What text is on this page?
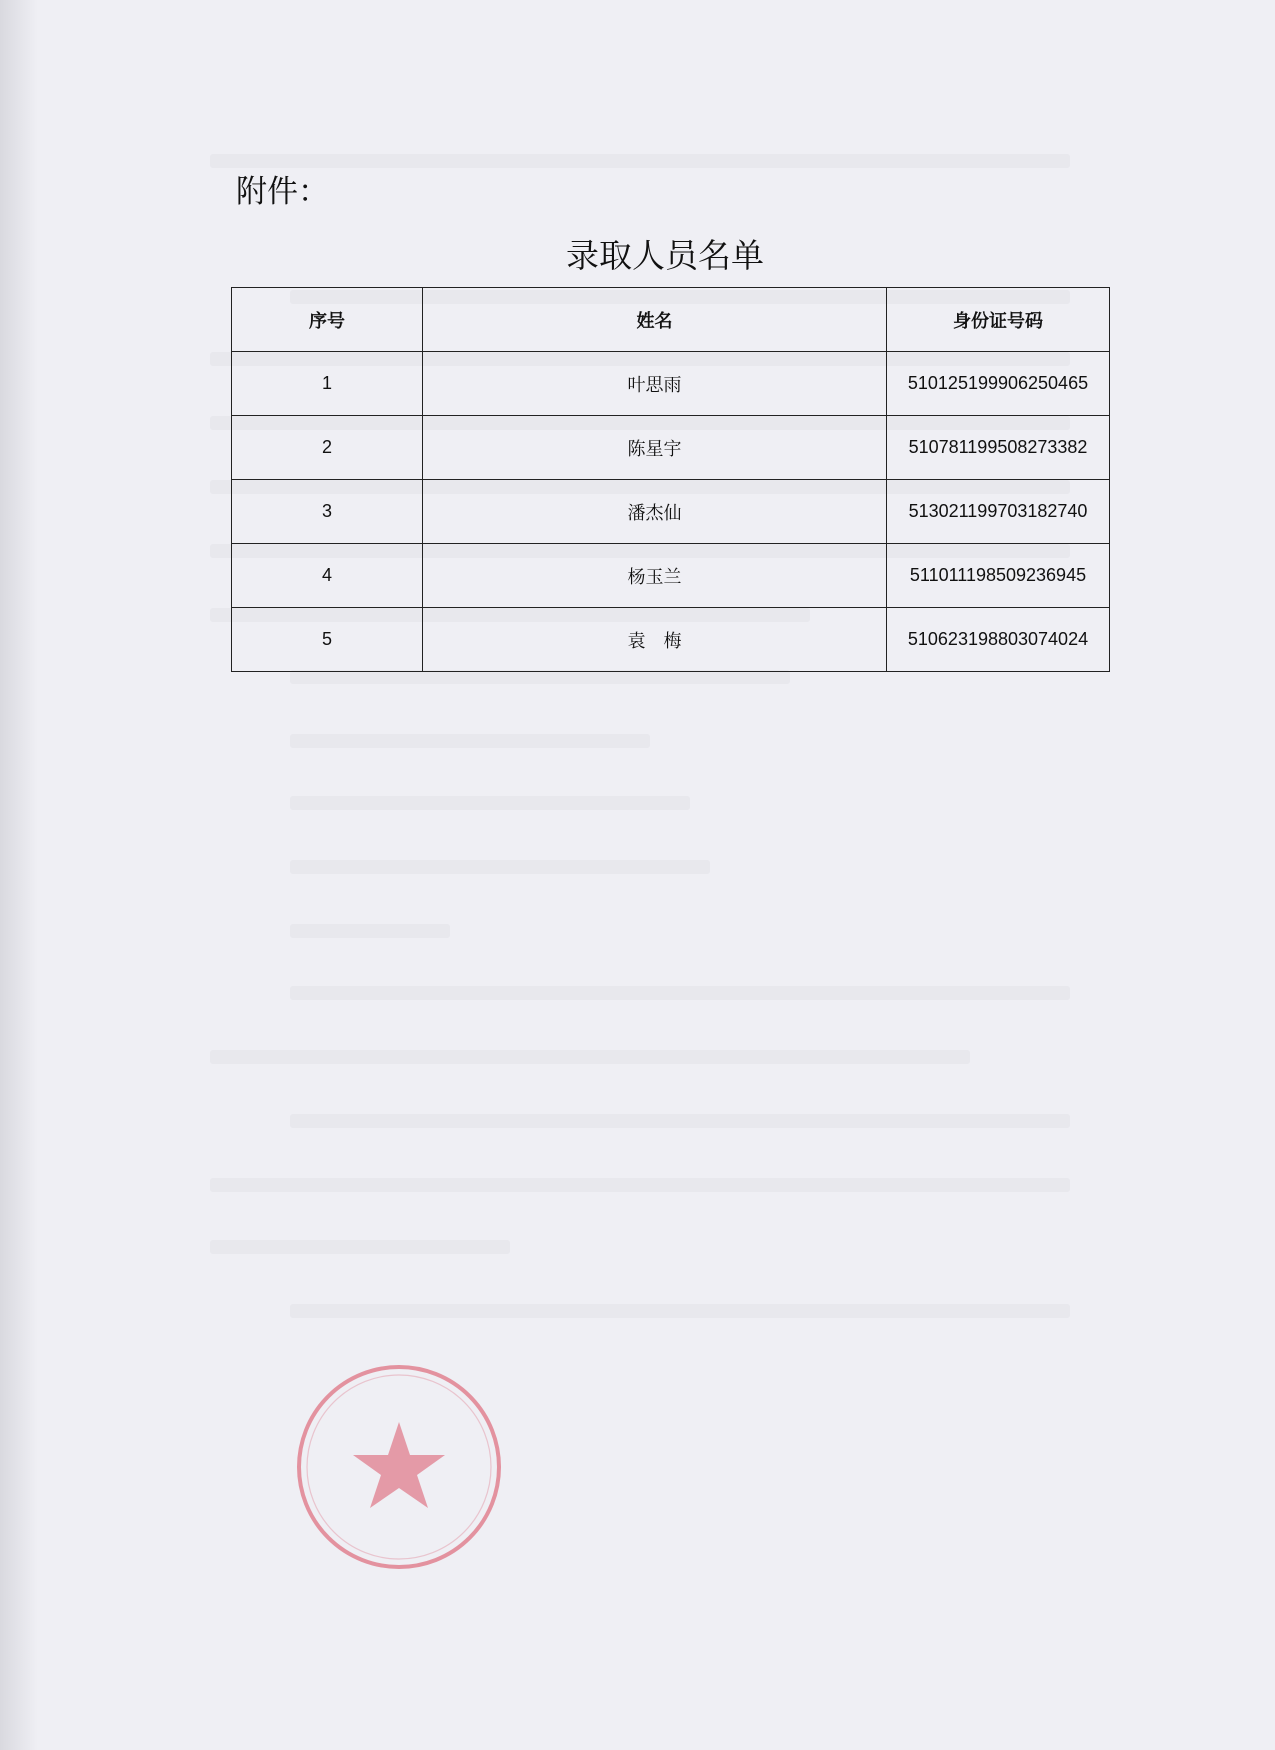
附件：
录取人员名单
序号	姓名	身份证号码
1	叶思雨	510125199906250465
2	陈星宇	510781199508273382
3	潘杰仙	513021199703182740
4	杨玉兰	511011198509236945
5	袁　梅	510623198803074024
